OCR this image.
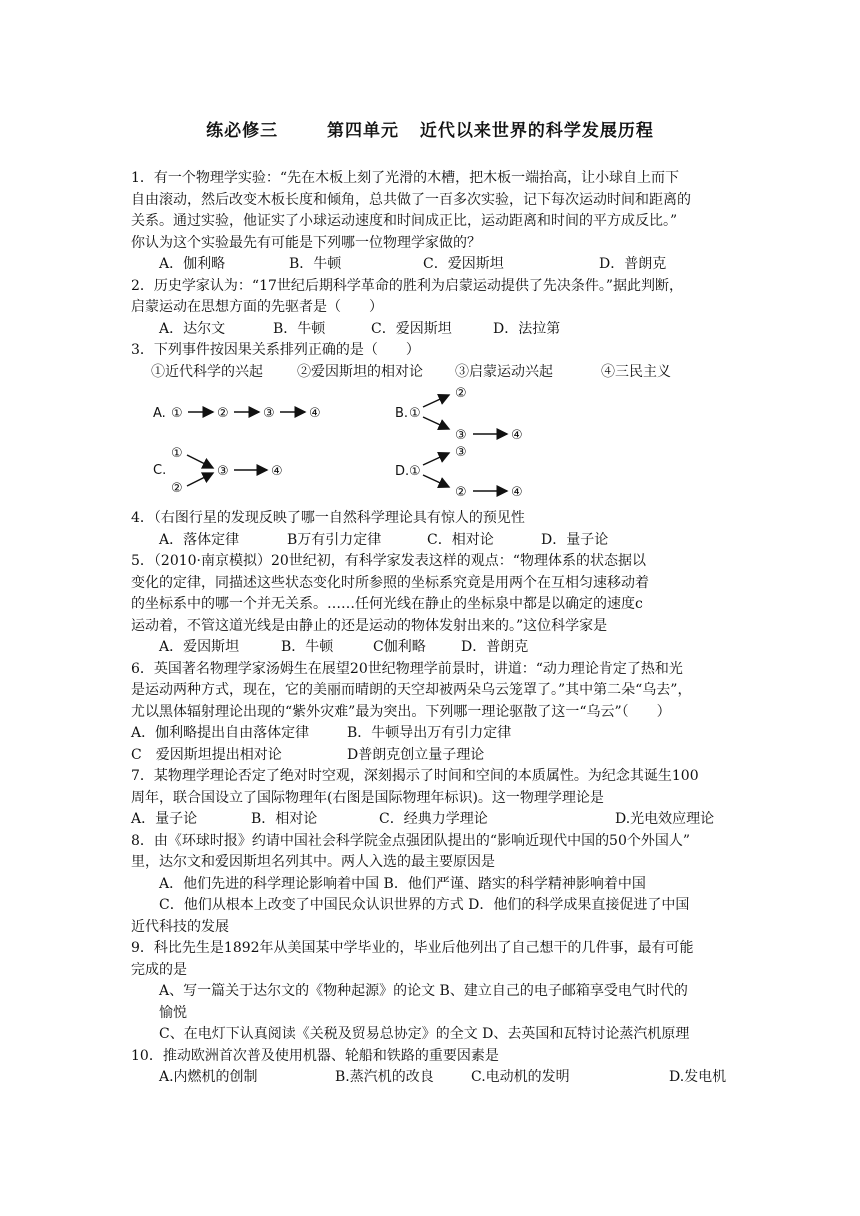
练必修三	第四单元 近代以来世界的科学发展历程
1．有一个物理学实验：“先在木板上刻了光滑的木槽，把木板一端抬高，让小球自上而下
自由滚动，然后改变木板长度和倾角，总共做了一百多次实验，记下每次运动时间和距离的
关系。通过实验，他证实了小球运动速度和时间成正比，运动距离和时间的平方成反比。”
你认为这个实验最先有可能是下列哪一位物理学家做的？
A．伽利略	B．牛顿	C．爱因斯坦	D．普朗克
2．历史学家认为：“17世纪后期科学革命的胜利为启蒙运动提供了先决条件。”据此判断，
启蒙运动在思想方面的先驱者是（　　）
A．达尔文	B．牛顿	C．爱因斯坦	D．法拉第
3．下列事件按因果关系排列正确的是（　　）
①近代科学的兴起	②爱因斯坦的相对论	③启蒙运动兴起	④三民主义
A. ①	②	③	④	B. ①
②
③	④
C.
①
②
③	④	D. ①
③
②	④
4．（右图行星的发现反映了哪一自然科学理论具有惊人的预见性
A．落体定律	B万有引力定律	C．相对论	D．量子论
5．（2010·南京模拟）20世纪初，有科学家发表这样的观点：“物理体系的状态据以
变化的定律，同描述这些状态变化时所参照的坐标系究竟是用两个在互相匀速移动着
的坐标系中的哪一个并无关系。……任何光线在静止的坐标泉中都是以确定的速度c
运动着，不管这道光线是由静止的还是运动的物体发射出来的。”这位科学家是
A．爱因斯坦	B．牛顿	C伽利略	D．普朗克
6．英国著名物理学家汤姆生在展望20世纪物理学前景时，讲道：“动力理论肯定了热和光
是运动两种方式，现在，它的美丽而晴朗的天空却被两朵乌云笼罩了。”其中第二朵“乌去”，
尤以黑体辐射理论出现的“紫外灾难”最为突出。下列哪一理论驱散了这一“乌云”（　　）
A．伽利略提出自由落体定律	B．牛顿导出万有引力定律
C　爱因斯坦提出相对论	D普朗克创立量子理论
7．某物理学理论否定了绝对时空观，深刻揭示了时间和空间的本质属性。为纪念其诞生100
周年，联合国设立了国际物理年(右图是国际物理年标识)。这一物理学理论是
A．量子论	B．相对论	C．经典力学理论	D.光电效应理论
8．由《环球时报》约请中国社会科学院金点强团队提出的“影响近现代中国的50个外国人”
里，达尔文和爱因斯坦名列其中。两人入选的最主要原因是
A．他们先进的科学理论影响着中国 B．他们严谨、踏实的科学精神影响着中国
C．他们从根本上改变了中国民众认识世界的方式 D．他们的科学成果直接促进了中国
近代科技的发展
9．科比先生是1892年从美国某中学毕业的，毕业后他列出了自己想干的几件事，最有可能
完成的是
A、写一篇关于达尔文的《物种起源》的论文 B、建立自己的电子邮箱享受电气时代的
愉悦
C、在电灯下认真阅读《关税及贸易总协定》的全文 D、去英国和瓦特讨论蒸汽机原理
10．推动欧洲首次普及使用机器、轮船和铁路的重要因素是
A.内燃机的创制	B.蒸汽机的改良	C.电动机的发明	D.发电机
